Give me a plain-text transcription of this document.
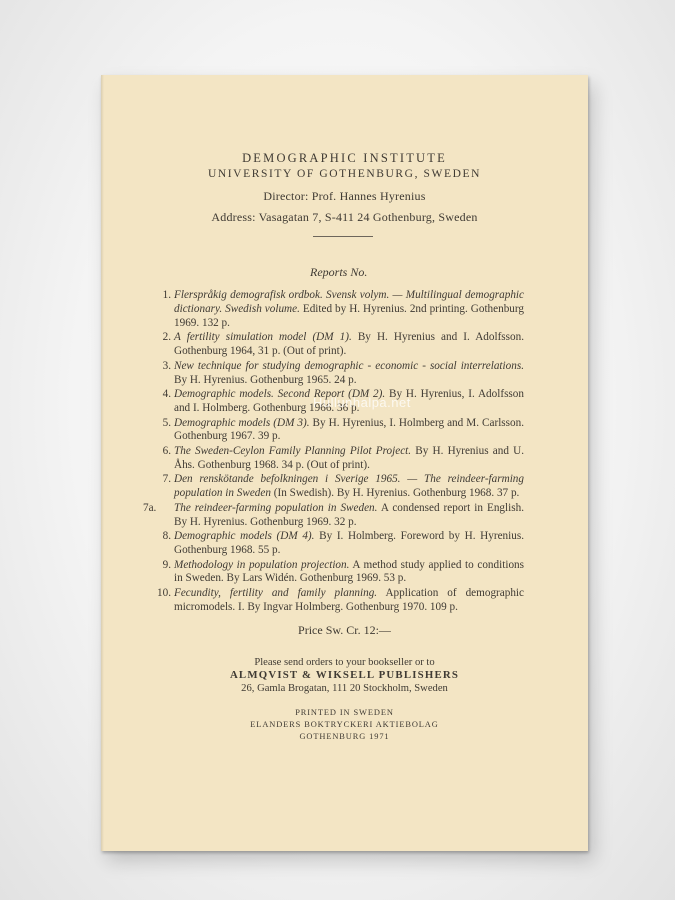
DEMOGRAPHIC INSTITUTE
UNIVERSITY OF GOTHENBURG, SWEDEN
Director: Prof. Hannes Hyrenius
Address: Vasagatan 7, S-411 24 Gothenburg, Sweden
Reports No.
1. Flerspråkig demografisk ordbok. Svensk volym. — Multilingual demographic dictionary. Swedish volume. Edited by H. Hyrenius. 2nd printing. Gothenburg 1969. 132 p.
2. A fertility simulation model (DM 1). By H. Hyrenius and I. Adolfsson. Gothenburg 1964, 31 p. (Out of print).
3. New technique for studying demographic - economic - social interrelations. By H. Hyrenius. Gothenburg 1965. 24 p.
4. Demographic models. Second Report (DM 2). By H. Hyrenius, I. Adolfsson and I. Holmberg. Gothenburg 1966. 36 p.
5. Demographic models (DM 3). By H. Hyrenius, I. Holmberg and M. Carlsson. Gothenburg 1967. 39 p.
6. The Sweden-Ceylon Family Planning Pilot Project. By H. Hyrenius and U. Åhs. Gothenburg 1968. 34 p. (Out of print).
7. Den renskötande befolkningen i Sverige 1965. — The reindeer-farming population in Sweden (In Swedish). By H. Hyrenius. Gothenburg 1968. 37 p.
7a.	The reindeer-farming population in Sweden. A condensed report in English. By H. Hyrenius. Gothenburg 1969. 32 p.
8. Demographic models (DM 4). By I. Holmberg. Foreword by H. Hyrenius. Gothenburg 1968. 55 p.
9. Methodology in population projection. A method study applied to conditions in Sweden. By Lars Widén. Gothenburg 1969. 53 p.
10. Fecundity, fertility and family planning. Application of demographic micromodels. I. By Ingvar Holmberg. Gothenburg 1970. 109 p.
Price Sw. Cr. 12:—
Please send orders to your bookseller or to
ALMQVIST & WIKSELL PUBLISHERS
26, Gamla Brogatan, 111 20 Stockholm, Sweden
PRINTED IN SWEDEN
ELANDERS BOKTRYCKERI AKTIEBOLAG
GOTHENBURG 1971
Hullunhalpa.net
